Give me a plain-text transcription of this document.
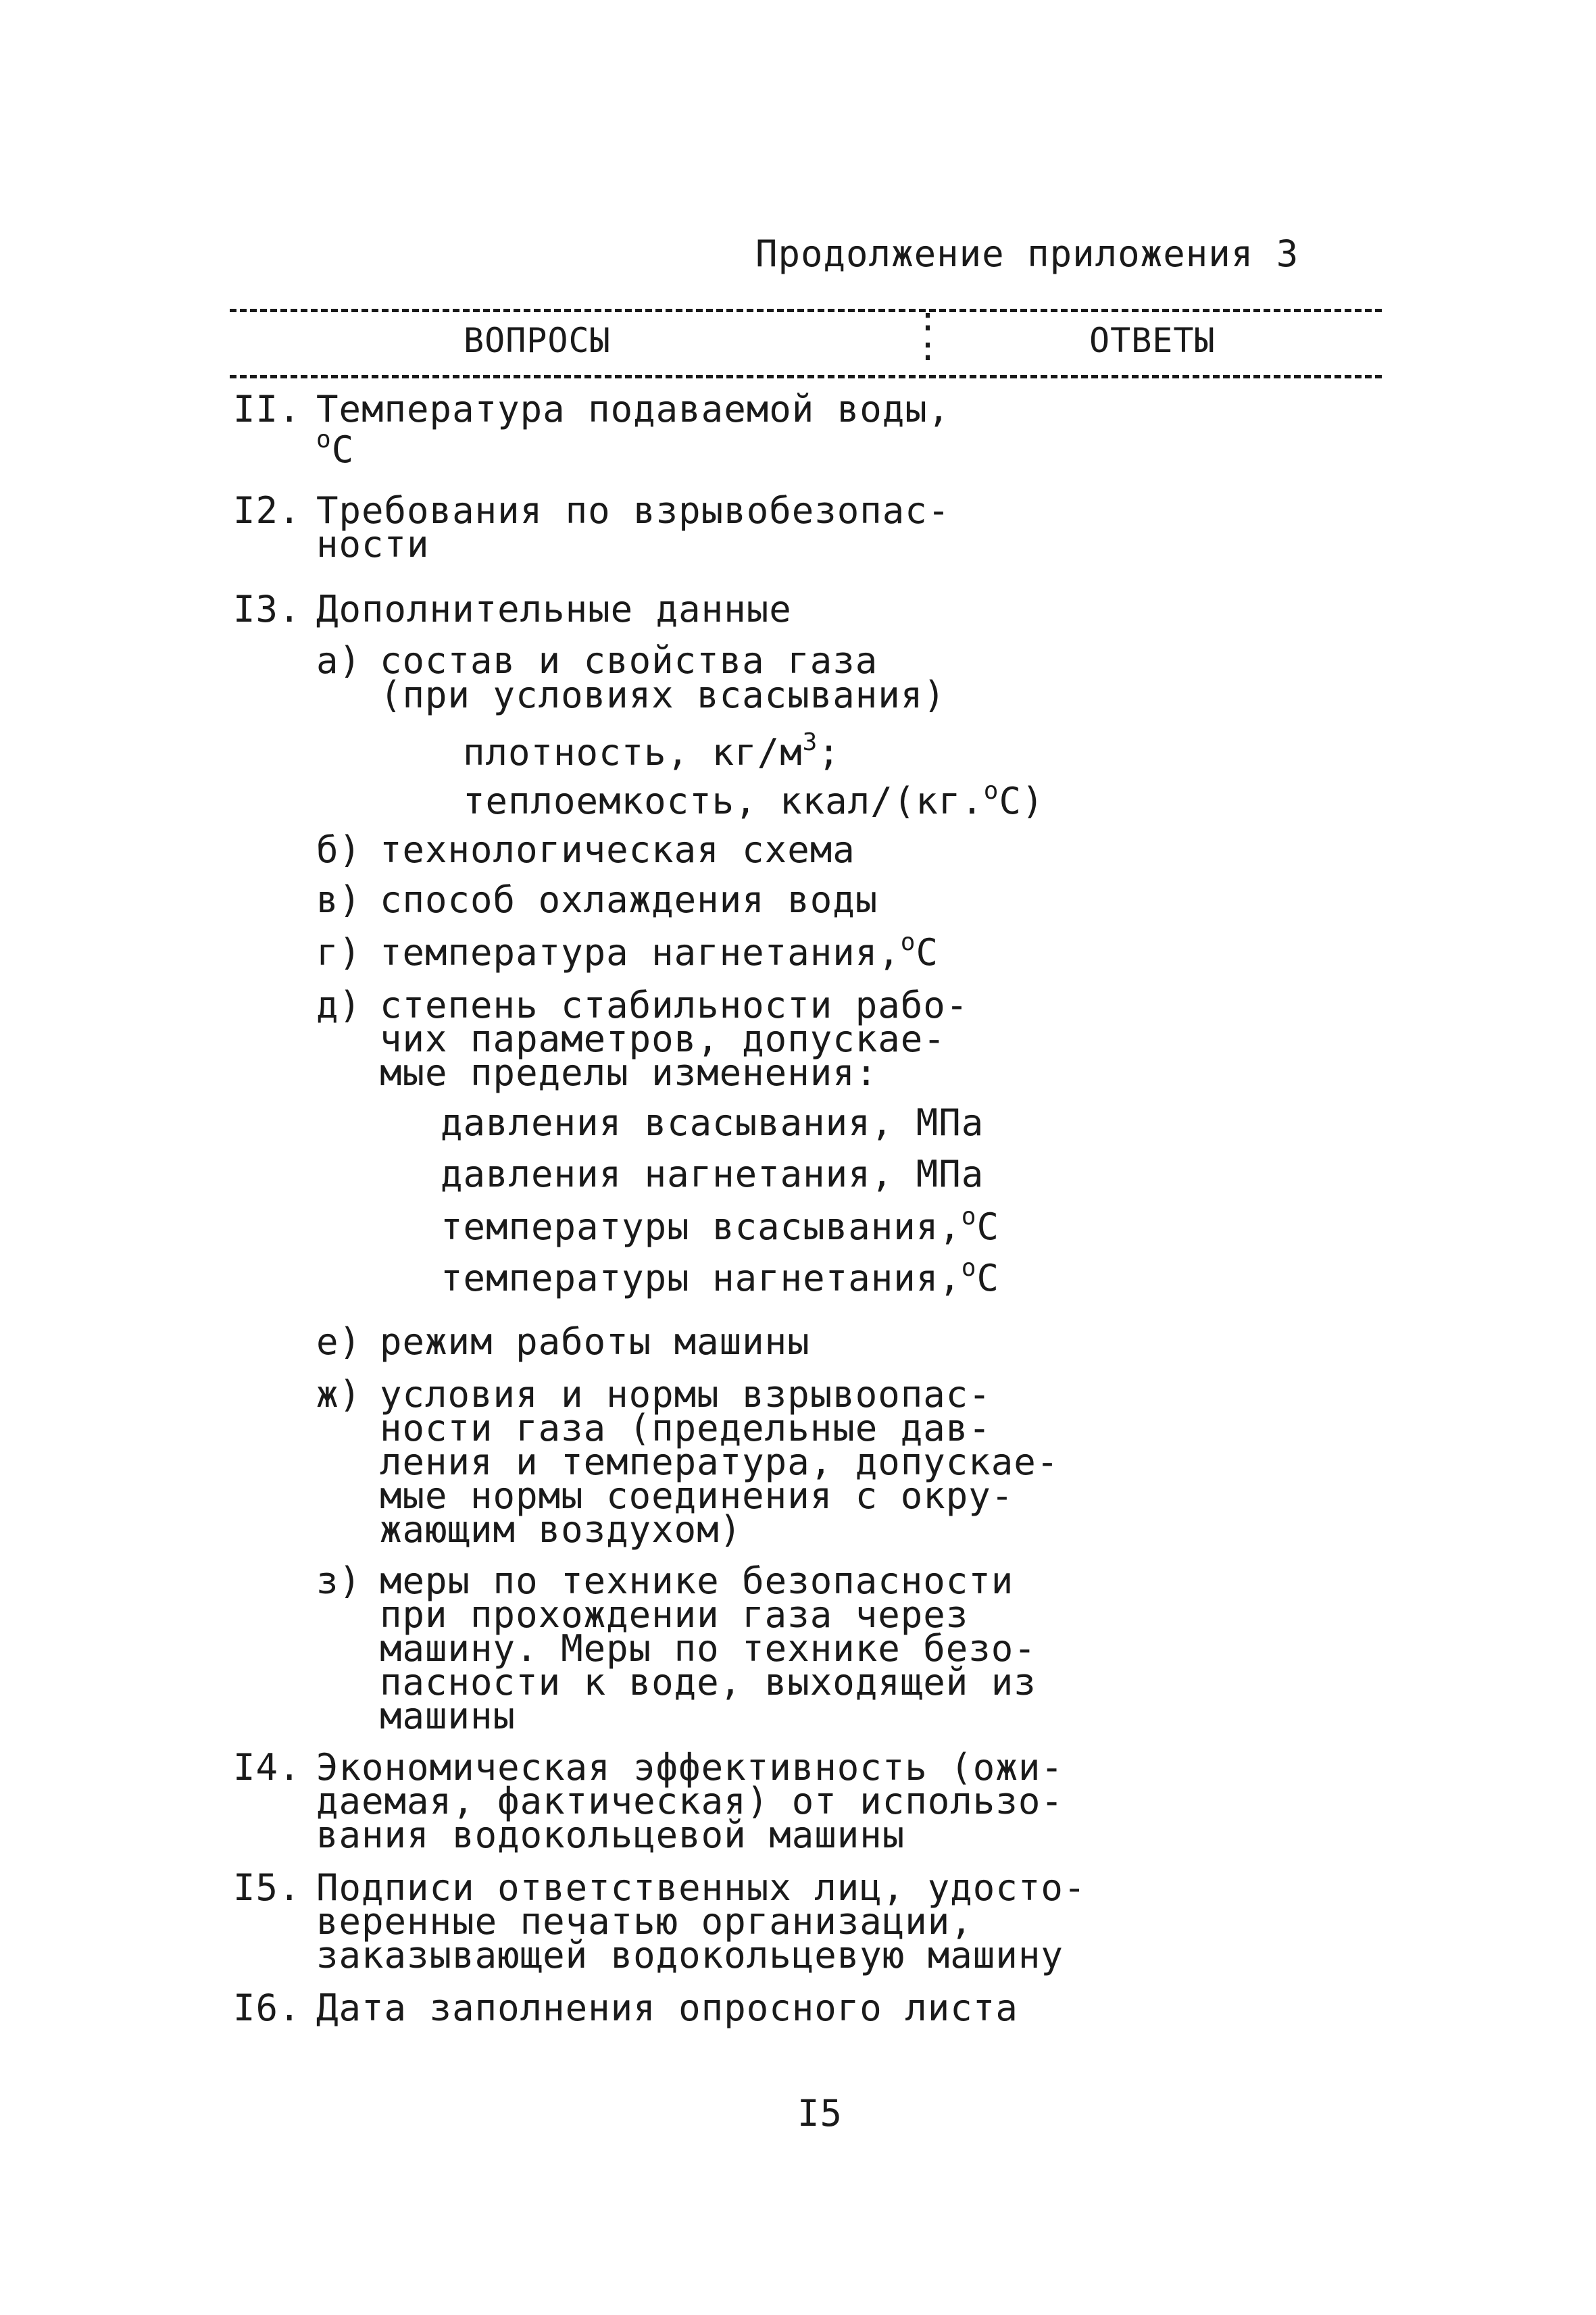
Продолжение приложения 3
ВОПРОСЫ	ОТВЕТЫ
:
:
II. Температура подаваемой воды,
$^о$С
I2. Требования по взрывобезопас-
ности
I3. Дополнительные данные
а) состав и свойства газа
(при условиях всасывания)
плотность, $кг/м^3$;
теплоемкость, ккал/(кг.$^о$С)
б) технологическая схема
в) способ охлаждения воды
г) температура нагнетания,$^о$С
д) степень стабильности рабо-
чих параметров, допускае-
мые пределы изменения:
давления всасывания, МПа
давления нагнетания, МПа
температуры всасывания,$^о$С
температуры нагнетания,$^о$С
е) режим работы машины
ж) условия и нормы взрывоопас-
ности газа (предельные дав-
ления и температура, допускае-
мые нормы соединения с окру-
жающим воздухом)
з) меры по технике безопасности
при прохождении газа через
машину. Меры по технике безо-
пасности к воде, выходящей из
машины
I4. Экономическая эффективность (ожи-
даемая, фактическая) от использо-
вания водокольцевой машины
I5. Подписи ответственных лиц, удосто-
веренные печатью организации,
заказывающей водокольцевую машину
I6. Дата заполнения опросного листа
I5
